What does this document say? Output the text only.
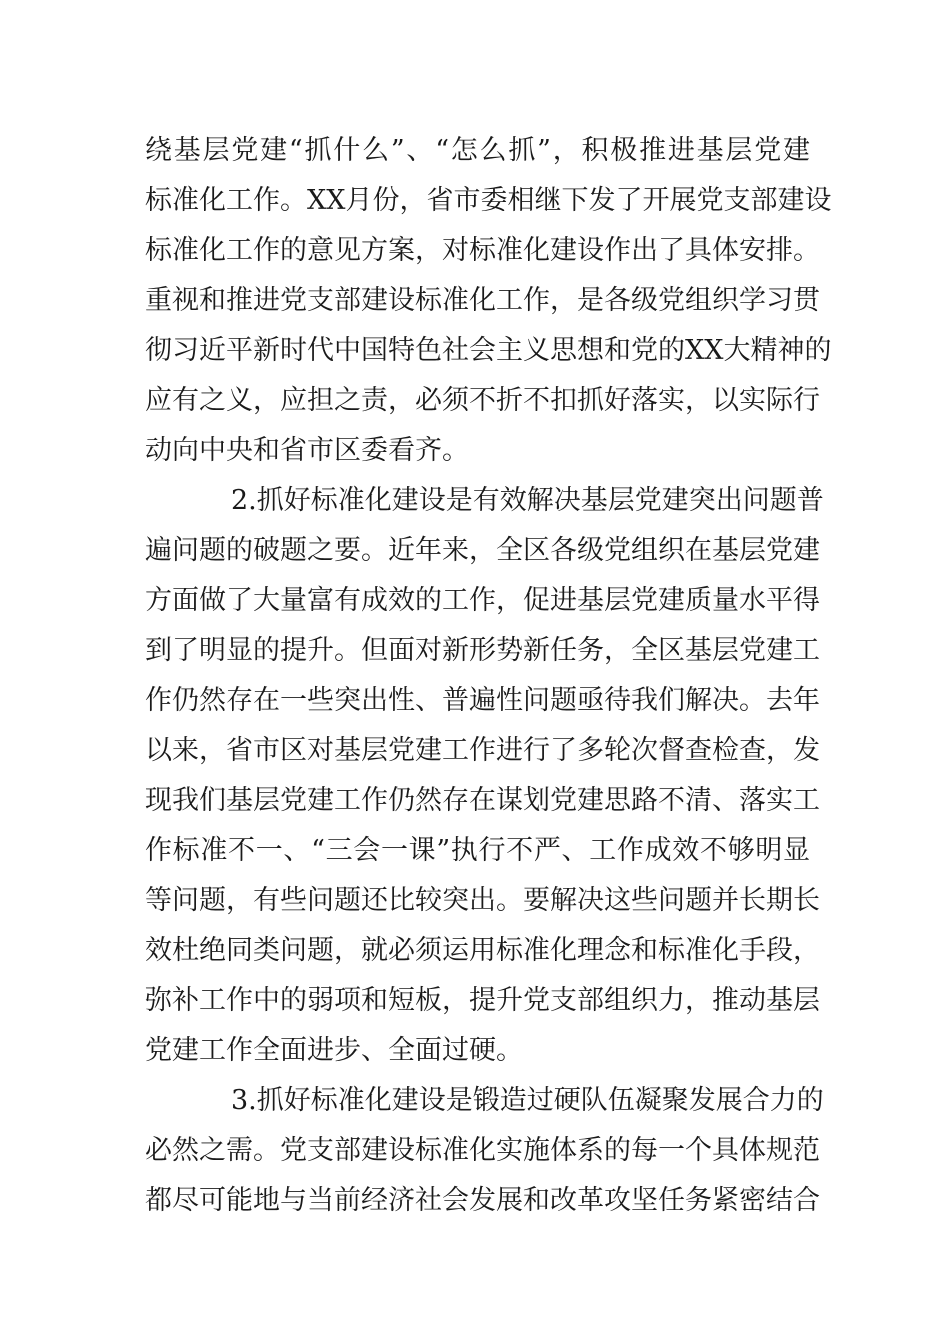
绕基层党建“抓什么”、“怎么抓”，积极推进基层党建
标准化工作。XX月份，省市委相继下发了开展党支部建设
标准化工作的意见方案，对标准化建设作出了具体安排。
重视和推进党支部建设标准化工作，是各级党组织学习贯
彻习近平新时代中国特色社会主义思想和党的XX大精神的
应有之义，应担之责，必须不折不扣抓好落实，以实际行
动向中央和省市区委看齐。
2.抓好标准化建设是有效解决基层党建突出问题普
遍问题的破题之要。近年来，全区各级党组织在基层党建
方面做了大量富有成效的工作，促进基层党建质量水平得
到了明显的提升。但面对新形势新任务，全区基层党建工
作仍然存在一些突出性、普遍性问题亟待我们解决。去年
以来，省市区对基层党建工作进行了多轮次督查检查，发
现我们基层党建工作仍然存在谋划党建思路不清、落实工
作标准不一、“三会一课”执行不严、工作成效不够明显
等问题，有些问题还比较突出。要解决这些问题并长期长
效杜绝同类问题，就必须运用标准化理念和标准化手段，
弥补工作中的弱项和短板，提升党支部组织力，推动基层
党建工作全面进步、全面过硬。
3.抓好标准化建设是锻造过硬队伍凝聚发展合力的
必然之需。党支部建设标准化实施体系的每一个具体规范
都尽可能地与当前经济社会发展和改革攻坚任务紧密结合
